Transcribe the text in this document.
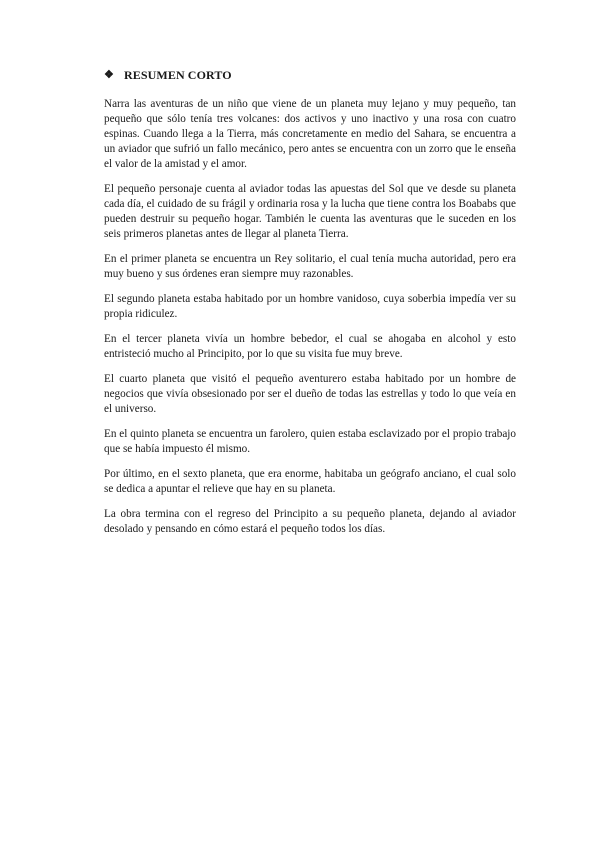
❖ RESUMEN CORTO

Narra las aventuras de un niño que viene de un planeta muy lejano y muy pequeño, tan pequeño que sólo tenía tres volcanes: dos activos y uno inactivo y una rosa con cuatro espinas. Cuando llega a la Tierra, más concretamente en medio del Sahara, se encuentra a un aviador que sufrió un fallo mecánico, pero antes se encuentra con un zorro que le enseña el valor de la amistad y el amor.

El pequeño personaje cuenta al aviador todas las apuestas del Sol que ve desde su planeta cada día, el cuidado de su frágil y ordinaria rosa y la lucha que tiene contra los Boababs que pueden destruir su pequeño hogar. También le cuenta las aventuras que le suceden en los seis primeros planetas antes de llegar al planeta Tierra.

En el primer planeta se encuentra un Rey solitario, el cual tenía mucha autoridad, pero era muy bueno y sus órdenes eran siempre muy razonables.

El segundo planeta estaba habitado por un hombre vanidoso, cuya soberbia impedía ver su propia ridiculez.

En el tercer planeta vivía un hombre bebedor, el cual se ahogaba en alcohol y esto entristeció mucho al Principito, por lo que su visita fue muy breve.

El cuarto planeta que visitó el pequeño aventurero estaba habitado por un hombre de negocios que vivía obsesionado por ser el dueño de todas las estrellas y todo lo que veía en el universo.

En el quinto planeta se encuentra un farolero, quien estaba esclavizado por el propio trabajo que se había impuesto él mismo.

Por último, en el sexto planeta, que era enorme, habitaba un geógrafo anciano, el cual solo se dedica a apuntar el relieve que hay en su planeta.

La obra termina con el regreso del Principito a su pequeño planeta, dejando al aviador desolado y pensando en cómo estará el pequeño todos los días.
